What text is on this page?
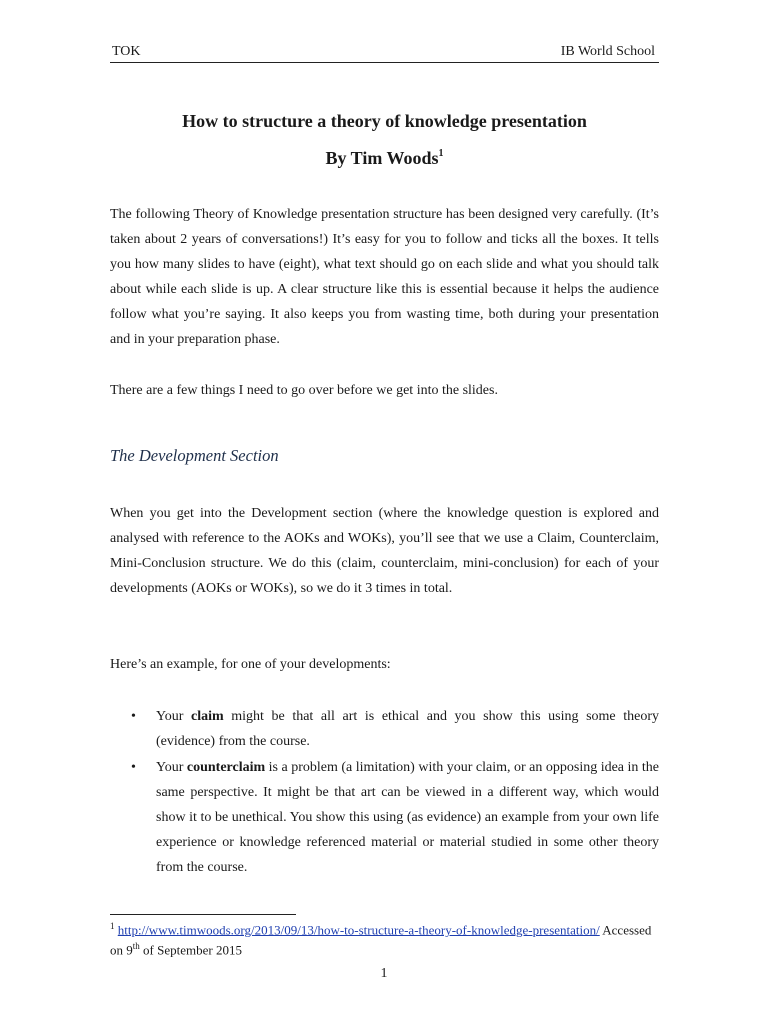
TOK	IB World School
How to structure a theory of knowledge presentation
By Tim Woods$^1$

The following Theory of Knowledge presentation structure has been designed very carefully. (It’s taken about 2 years of conversations!) It’s easy for you to follow and ticks all the boxes. It tells you how many slides to have (eight), what text should go on each slide and what you should talk about while each slide is up. A clear structure like this is essential because it helps the audience follow what you’re saying. It also keeps you from wasting time, both during your presentation and in your preparation phase.

There are a few things I need to go over before we get into the slides.

The Development Section

When you get into the Development section (where the knowledge question is explored and analysed with reference to the AOKs and WOKs), you’ll see that we use a Claim, Counterclaim, Mini-Conclusion structure. We do this (claim, counterclaim, mini-conclusion) for each of your developments (AOKs or WOKs), so we do it 3 times in total.

Here’s an example, for one of your developments:

• Your claim might be that all art is ethical and you show this using some theory (evidence) from the course.
• Your counterclaim is a problem (a limitation) with your claim, or an opposing idea in the same perspective. It might be that art can be viewed in a different way, which would show it to be unethical. You show this using (as evidence) an example from your own life experience or knowledge referenced material or material studied in some other theory from the course.
$^1$ http://www.timwoods.org/2013/09/13/how-to-structure-a-theory-of-knowledge-presentation/ Accessed on 9th of September 2015
1
